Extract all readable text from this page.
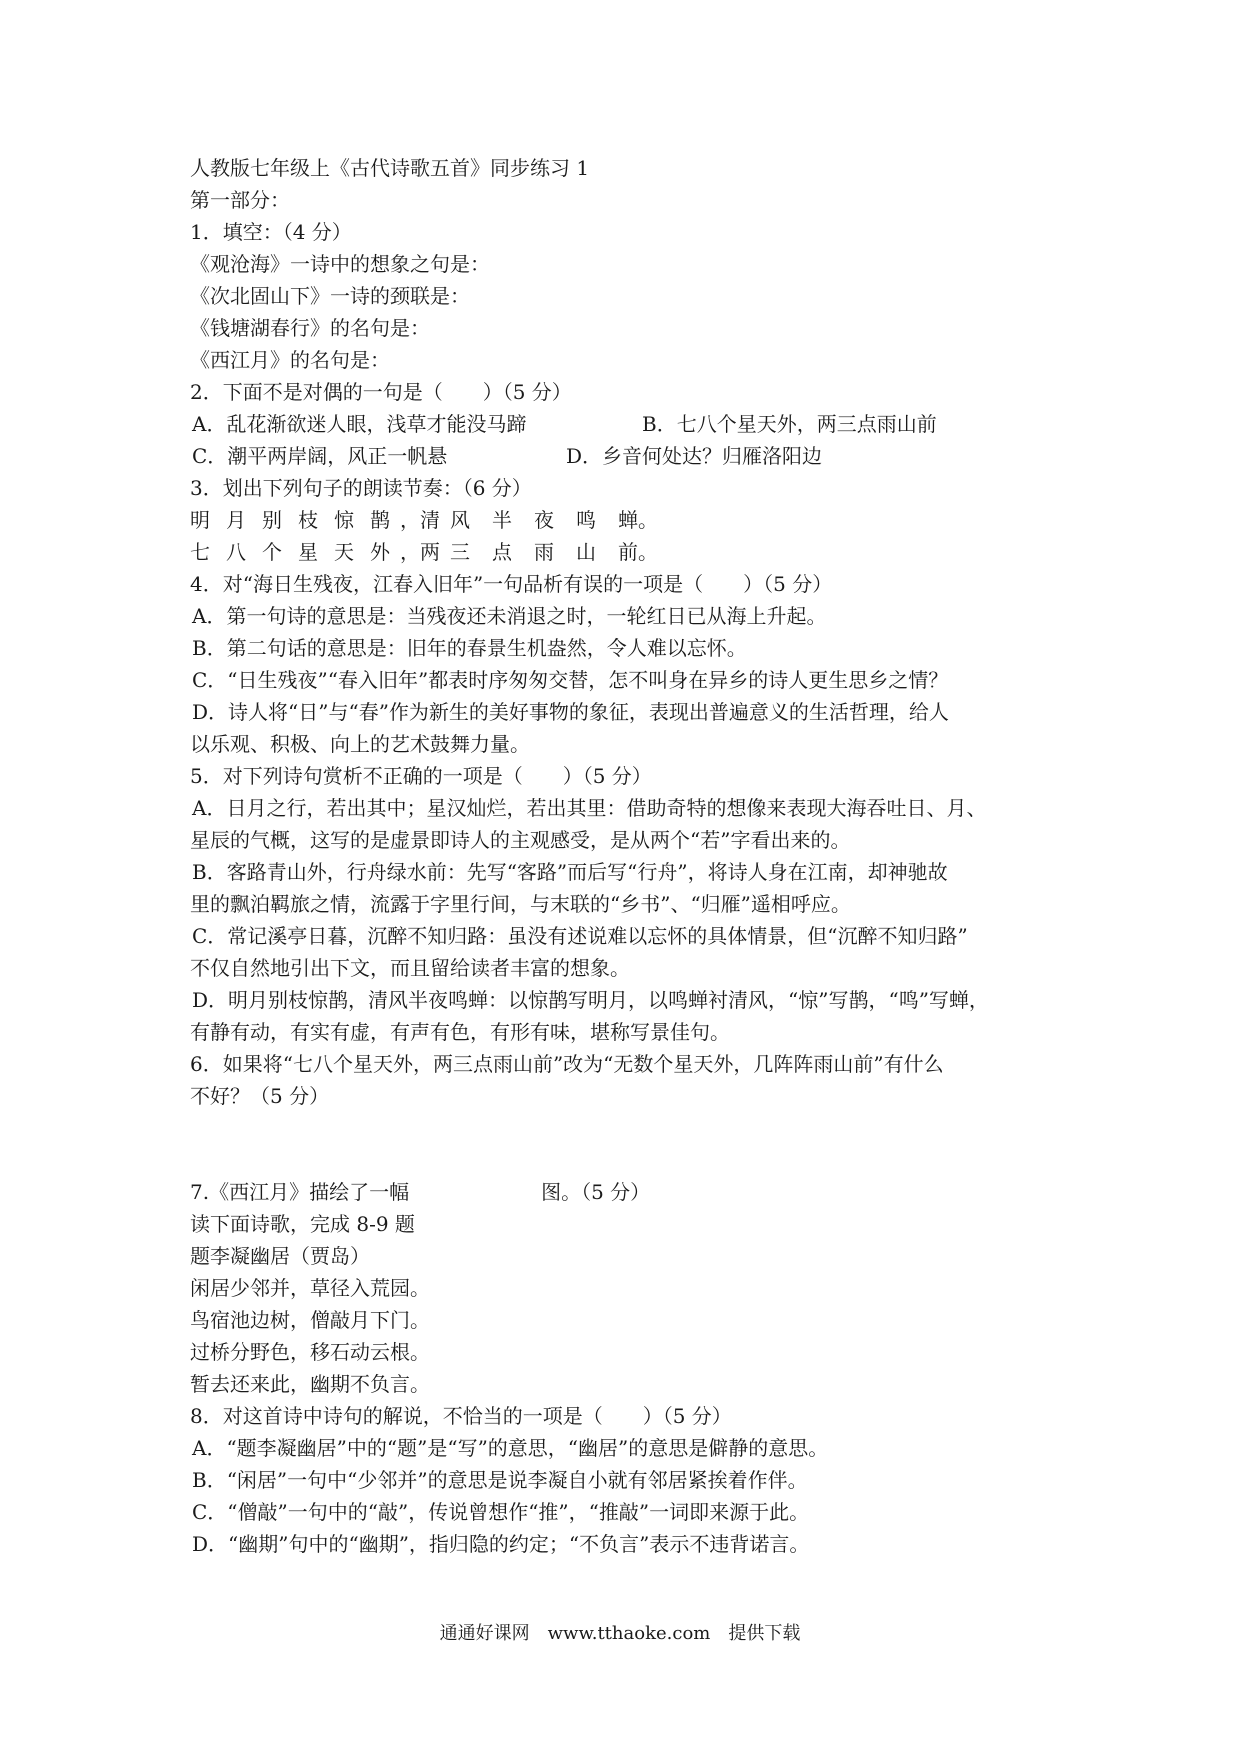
人教版七年级上《古代诗歌五首》同步练习 1
第一部分：
1．填空：（4 分）
《观沧海》一诗中的想象之句是：
《次北固山下》一诗的颈联是：
《钱塘湖春行》的名句是：
《西江月》的名句是：
2．下面不是对偶的一句是（　　）（5 分）
A．乱花渐欲迷人眼，浅草才能没马蹄	B．七八个星天外，两三点雨山前
C．潮平两岸阔，风正一帆悬	D．乡音何处达？归雁洛阳边
3．划出下列句子的朗读节奏：（6 分）
明 月 别 枝 惊 鹊 ，清 风 半 夜 鸣 蝉。
七 八 个 星 天 外 ，两 三 点 雨 山 前。
4．对“海日生残夜，江春入旧年”一句品析有误的一项是（　　）（5 分）
A．第一句诗的意思是：当残夜还未消退之时，一轮红日已从海上升起。
B．第二句话的意思是：旧年的春景生机盎然，令人难以忘怀。
C．“日生残夜”“春入旧年”都表时序匆匆交替，怎不叫身在异乡的诗人更生思乡之情？
D．诗人将“日”与“春”作为新生的美好事物的象征，表现出普遍意义的生活哲理，给人
以乐观、积极、向上的艺术鼓舞力量。
5．对下列诗句赏析不正确的一项是（　　）（5 分）
A．日月之行，若出其中；星汉灿烂，若出其里：借助奇特的想像来表现大海吞吐日、月、
星辰的气概，这写的是虚景即诗人的主观感受，是从两个“若”字看出来的。
B．客路青山外，行舟绿水前：先写“客路”而后写“行舟”，将诗人身在江南，却神驰故
里的飘泊羁旅之情，流露于字里行间，与末联的“乡书”、“归雁”遥相呼应。
C．常记溪亭日暮，沉醉不知归路：虽没有述说难以忘怀的具体情景，但“沉醉不知归路”
不仅自然地引出下文，而且留给读者丰富的想象。
D．明月别枝惊鹊，清风半夜鸣蝉：以惊鹊写明月，以鸣蝉衬清风，“惊”写鹊，“鸣”写蝉，
有静有动，有实有虚，有声有色，有形有味，堪称写景佳句。
6．如果将“七八个星天外，两三点雨山前”改为“无数个星天外，几阵阵雨山前”有什么
不好？（5 分）
7.《西江月》描绘了一幅	图。（5 分）
读下面诗歌，完成 8-9 题
题李凝幽居（贾岛）
闲居少邻并，草径入荒园。
鸟宿池边树，僧敲月下门。
过桥分野色，移石动云根。
暂去还来此，幽期不负言。
8．对这首诗中诗句的解说，不恰当的一项是（　　）（5 分）
A．“题李凝幽居”中的“题”是“写”的意思，“幽居”的意思是僻静的意思。
B．“闲居”一句中“少邻并”的意思是说李凝自小就有邻居紧挨着作伴。
C．“僧敲”一句中的“敲”，传说曾想作“推”，“推敲”一词即来源于此。
D．“幽期”句中的“幽期”，指归隐的约定；“不负言”表示不违背诺言。
通通好课网　www.tthaoke.com　提供下载
